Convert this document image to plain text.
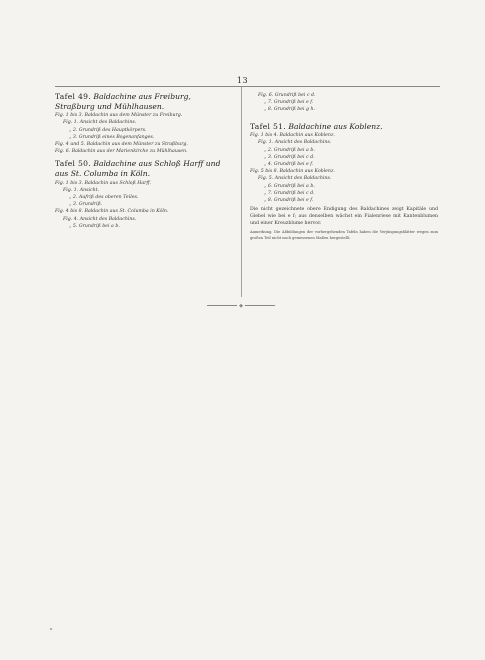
13
Tafel 49. Baldachine aus Freiburg, Straßburg und Mühlhausen.
Fig. 1 bis 3. Baldachin aus dem Münster zu Freiburg.
Fig. 1. Ansicht des Baldachins.
„ 2. Grundriß des Hauptkörpers.
„ 3. Grundriß eines Bogenanfanges.
Fig. 4 und 5. Baldachin aus dem Münster zu Straßburg.
Fig. 6. Baldachin aus der Marienkirche zu Mühlhausen.
Tafel 50. Baldachine aus Schloß Harff und aus St. Columba in Köln.
Fig. 1 bis 3. Baldachin aus Schloß Harff.
Fig. 1. Ansicht.
„ 2. Aufriß des oberen Teiles.
„ 3. Grundriß.
Fig. 4 bis 8. Baldachin aus St. Columba in Köln.
Fig. 4. Ansicht des Baldachins.
„ 5. Grundriß bei a b.
Fig. 6. Grundriß bei c d.
„ 7. Grundriß bei e f.
„ 8. Grundriß bei g h.
Tafel 51. Baldachine aus Koblenz.
Fig. 1 bis 4. Baldachin aus Koblenz.
Fig. 1. Ansicht des Baldachins.
„ 2. Grundriß bei a b.
„ 3. Grundriß bei c d.
„ 4. Grundriß bei e f.
Fig. 5 bis 8. Baldachin aus Koblenz.
Fig. 5. Ansicht des Baldachins.
„ 6. Grundriß bei a b.
„ 7. Grundriß bei c d.
„ 8. Grundriß bei e f.
Die nicht gezeichnete obere Endigung des Baldachines zeigt Kapitäle und Giebel wie bei e f; aus denselben wächst ein Fialenriese mit Kantenblumen und einer Kreuzblume hervor.
Anmerkung. Die Abbildungen der vorhergehenden Tafeln haben die Verjüngungsblätter wegen zum großen Teil nicht nach gemessenen Maßen hergestellt.
◆
